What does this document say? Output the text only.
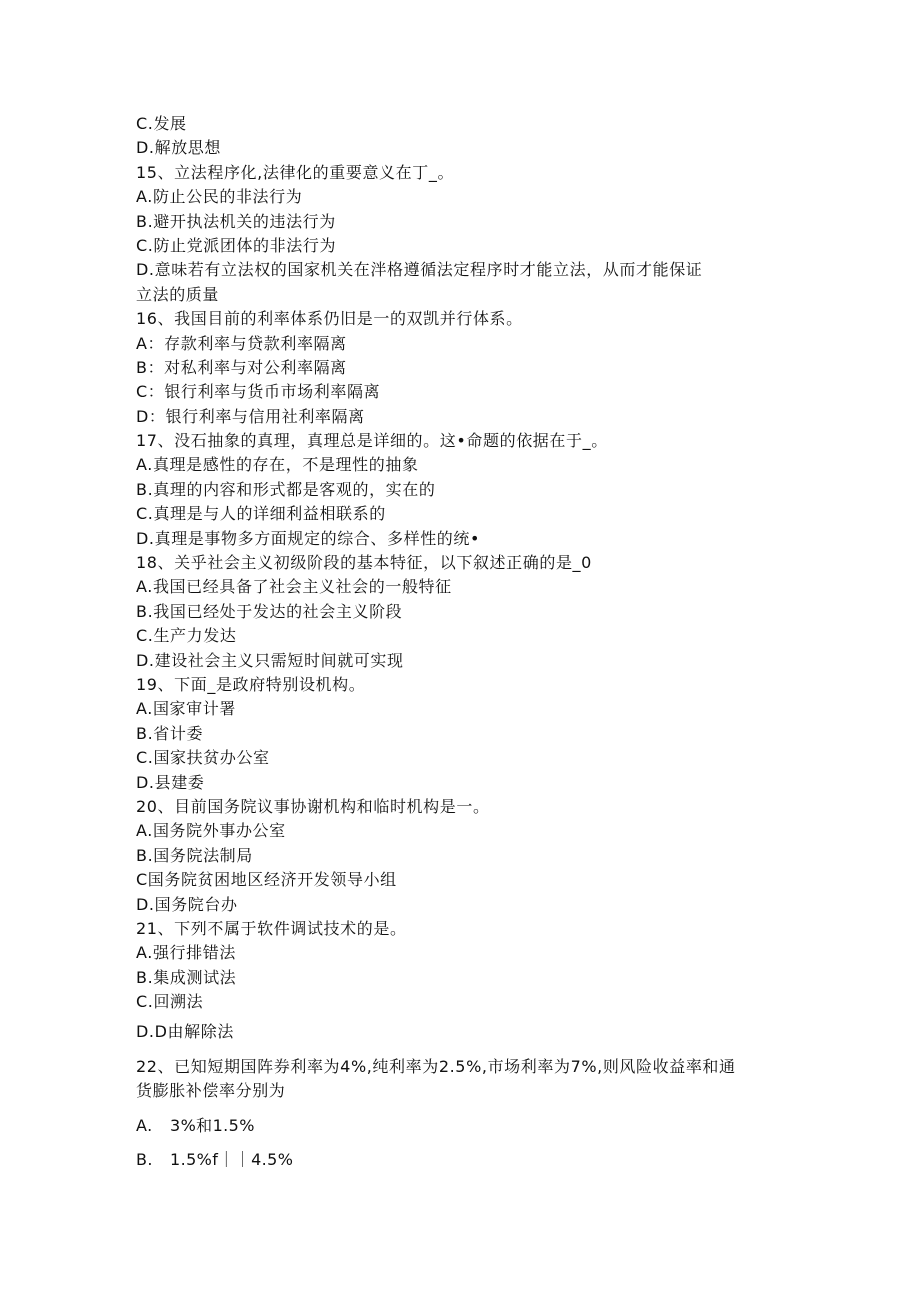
C.发展
D.解放思想
15、立法程序化,法律化的重要意义在丁_。
A.防止公民的非法行为
B.避开执法机关的违法行为
C.防止党派团体的非法行为
D.意味若有立法权的国家机关在泮格遵循法定程序时才能立法，从而才能保证
立法的质量
16、我国目前的利率体系仍旧是一的双凯并行体系。
A：存款利率与贷款利率隔离
B：对私利率与对公利率隔离
C：银行利率与货币市场利率隔离
D：银行利率与信用社利率隔离
17、没石抽象的真理，真理总是详细的。这•命题的依据在于_。
A.真理是感性的存在，不是理性的抽象
B.真理的内容和形式都是客观的，实在的
C.真理是与人的详细利益相联系的
D.真理是事物多方面规定的综合、多样性的统•
18、关乎社会主义初级阶段的基本特征，以下叙述正确的是_0
A.我国已经具备了社会主义社会的一般特征
B.我国已经处于发达的社会主义阶段
C.生产力发达
D.建设社会主义只需短时间就可实现
19、下面_是政府特别设机构。
A.国家审计署
B.省计委
C.国家扶贫办公室
D.县建委
20、目前国务院议事协谢机构和临时机构是一。
A.国务院外事办公室
B.国务院法制局
C国务院贫困地区经济开发领导小组
D.国务院台办
21、下列不属于软件调试技术的是。
A.强行排错法
B.集成测试法
C.回溯法
D.D由解除法
22、已知短期国阵券利率为4%,纯利率为2.5%,市场利率为7%,则风险收益率和通
货膨胀补偿率分别为
A. 3%和1.5%
B. 1.5%f｜｜4.5%
